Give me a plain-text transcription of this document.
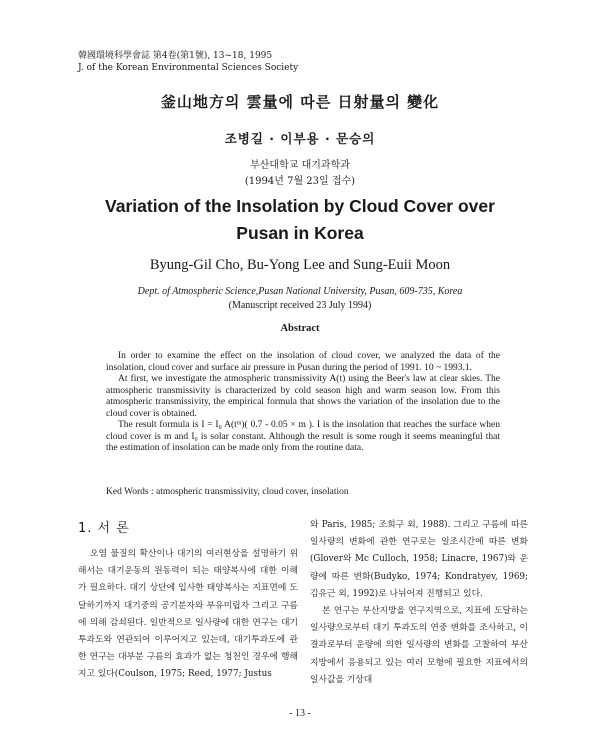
韓國環境科學會誌 第4卷(第1號), 13~18, 1995
J. of the Korean Environmental Sciences Society
釜山地方의 雲量에 따른 日射量의 變化
조병길 · 이부용 · 문승의
부산대학교 대기과학과
(1994년 7월 23일 접수)
Variation of the Insolation by Cloud Cover over
Pusan in Korea
Byung-Gil Cho, Bu-Yong Lee and Sung-Euii Moon
Dept. of Atmospheric Science,Pusan National University, Pusan, 609-735, Korea
(Manuscript received 23 July 1994)
Abstract

In order to examine the effect on the insolation of cloud cover, we analyzed the data of the insolation, cloud cover and surface air pressure in Pusan during the period of 1991. 10 ~ 1993.1.

At first, we investigate the atmospheric transmissivity A(t) using the Beer's law at clear skies. The atmospheric transmissivity is characterized by cold season high and warm season low. From this atmospheric transmissivity, the empirical formula that shows the variation of the insolation due to the cloud cover is obtained.

The result formula is I = I₀ A(tᵐ)( 0.7 - 0.05 × m ). I is the insolation that reaches the surface when cloud cover is m and I₀ is solar constant. Although the result is some rough it seems meaningful that the estimation of insolation can be made only from the routine data.

Ked Words : atmospheric transmissivity, cloud cover, insolation
1. 서 론

오염 물질의 확산이나 대기의 여러현상을 설명하기 위해서는 대기운동의 원동력이 되는 태양복사에 대한 이해가 필요하다. 대기 상단에 입사한 태양복사는 지표면에 도달하기까지 대기중의 공기분자와 부유미립자 그리고 구름에 의해 감쇠된다. 일반적으로 일사량에 대한 연구는 대기 투과도와 연관되어 이루어지고 있는데, 대기투과도에 관한 연구는 대부분 구름의 효과가 없는 청천인 경우에 행해지고 있다(Coulson, 1975; Reed, 1977; Justus

와 Paris, 1985; 조희구 외, 1988). 그리고 구름에 따른 일사량의 변화에 관한 연구로는 일조시간에 따른 변화(Glover와 Mc Culloch, 1958; Linacre, 1967)와 운량에 따른 변화(Budyko, 1974; Kondratyev, 1969; 김유근 외, 1992)로 나뉘어져 진행되고 있다.

본 연구는 부산지방을 연구지역으로, 지표에 도달하는 일사량으로부터 대기 투과도의 연중 변화를 조사하고, 이 결과로부터 운량에 의한 일사량의 변화를 고찰하여 부산지방에서 응용되고 있는 여러 모형에 필요한 지표에서의 일사값을 기상대

- 13 -
